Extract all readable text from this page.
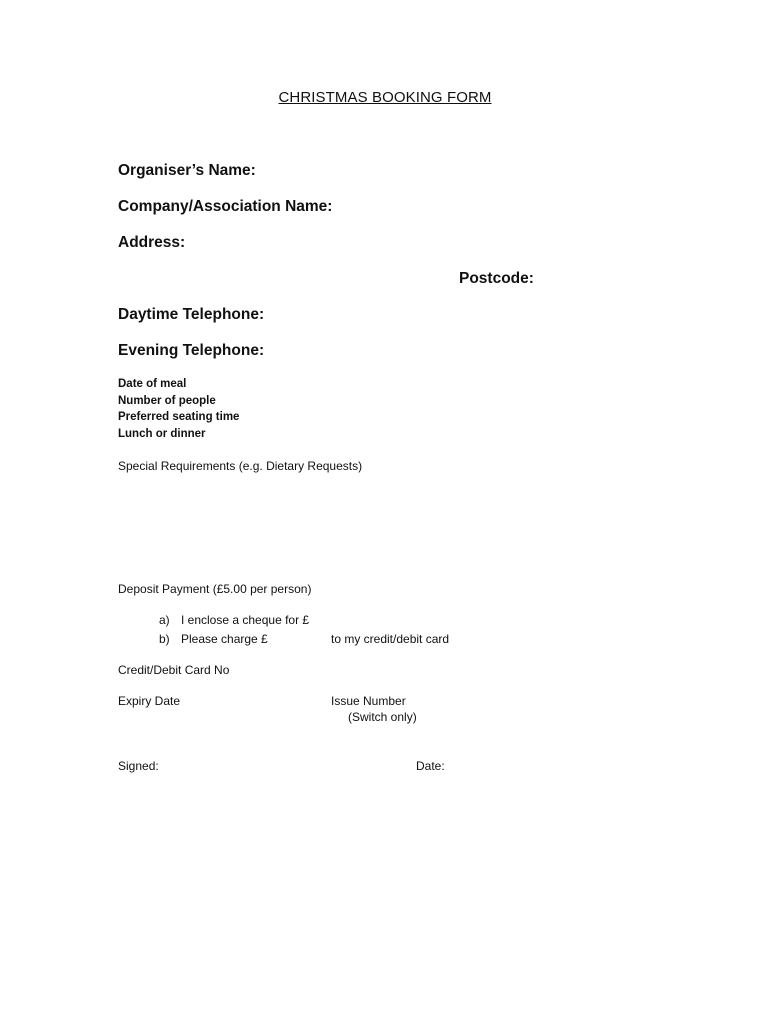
CHRISTMAS BOOKING FORM
Organiser’s Name:
Company/Association Name:
Address:
Postcode:
Daytime Telephone:
Evening Telephone:
Date of meal
Number of people
Preferred seating time
Lunch or dinner
Special Requirements (e.g. Dietary Requests)
Deposit Payment (£5.00 per person)
a) I enclose a cheque for £
b) Please charge £	to my credit/debit card
Credit/Debit Card No
Expiry Date	Issue Number
(Switch only)
Signed:	Date:
